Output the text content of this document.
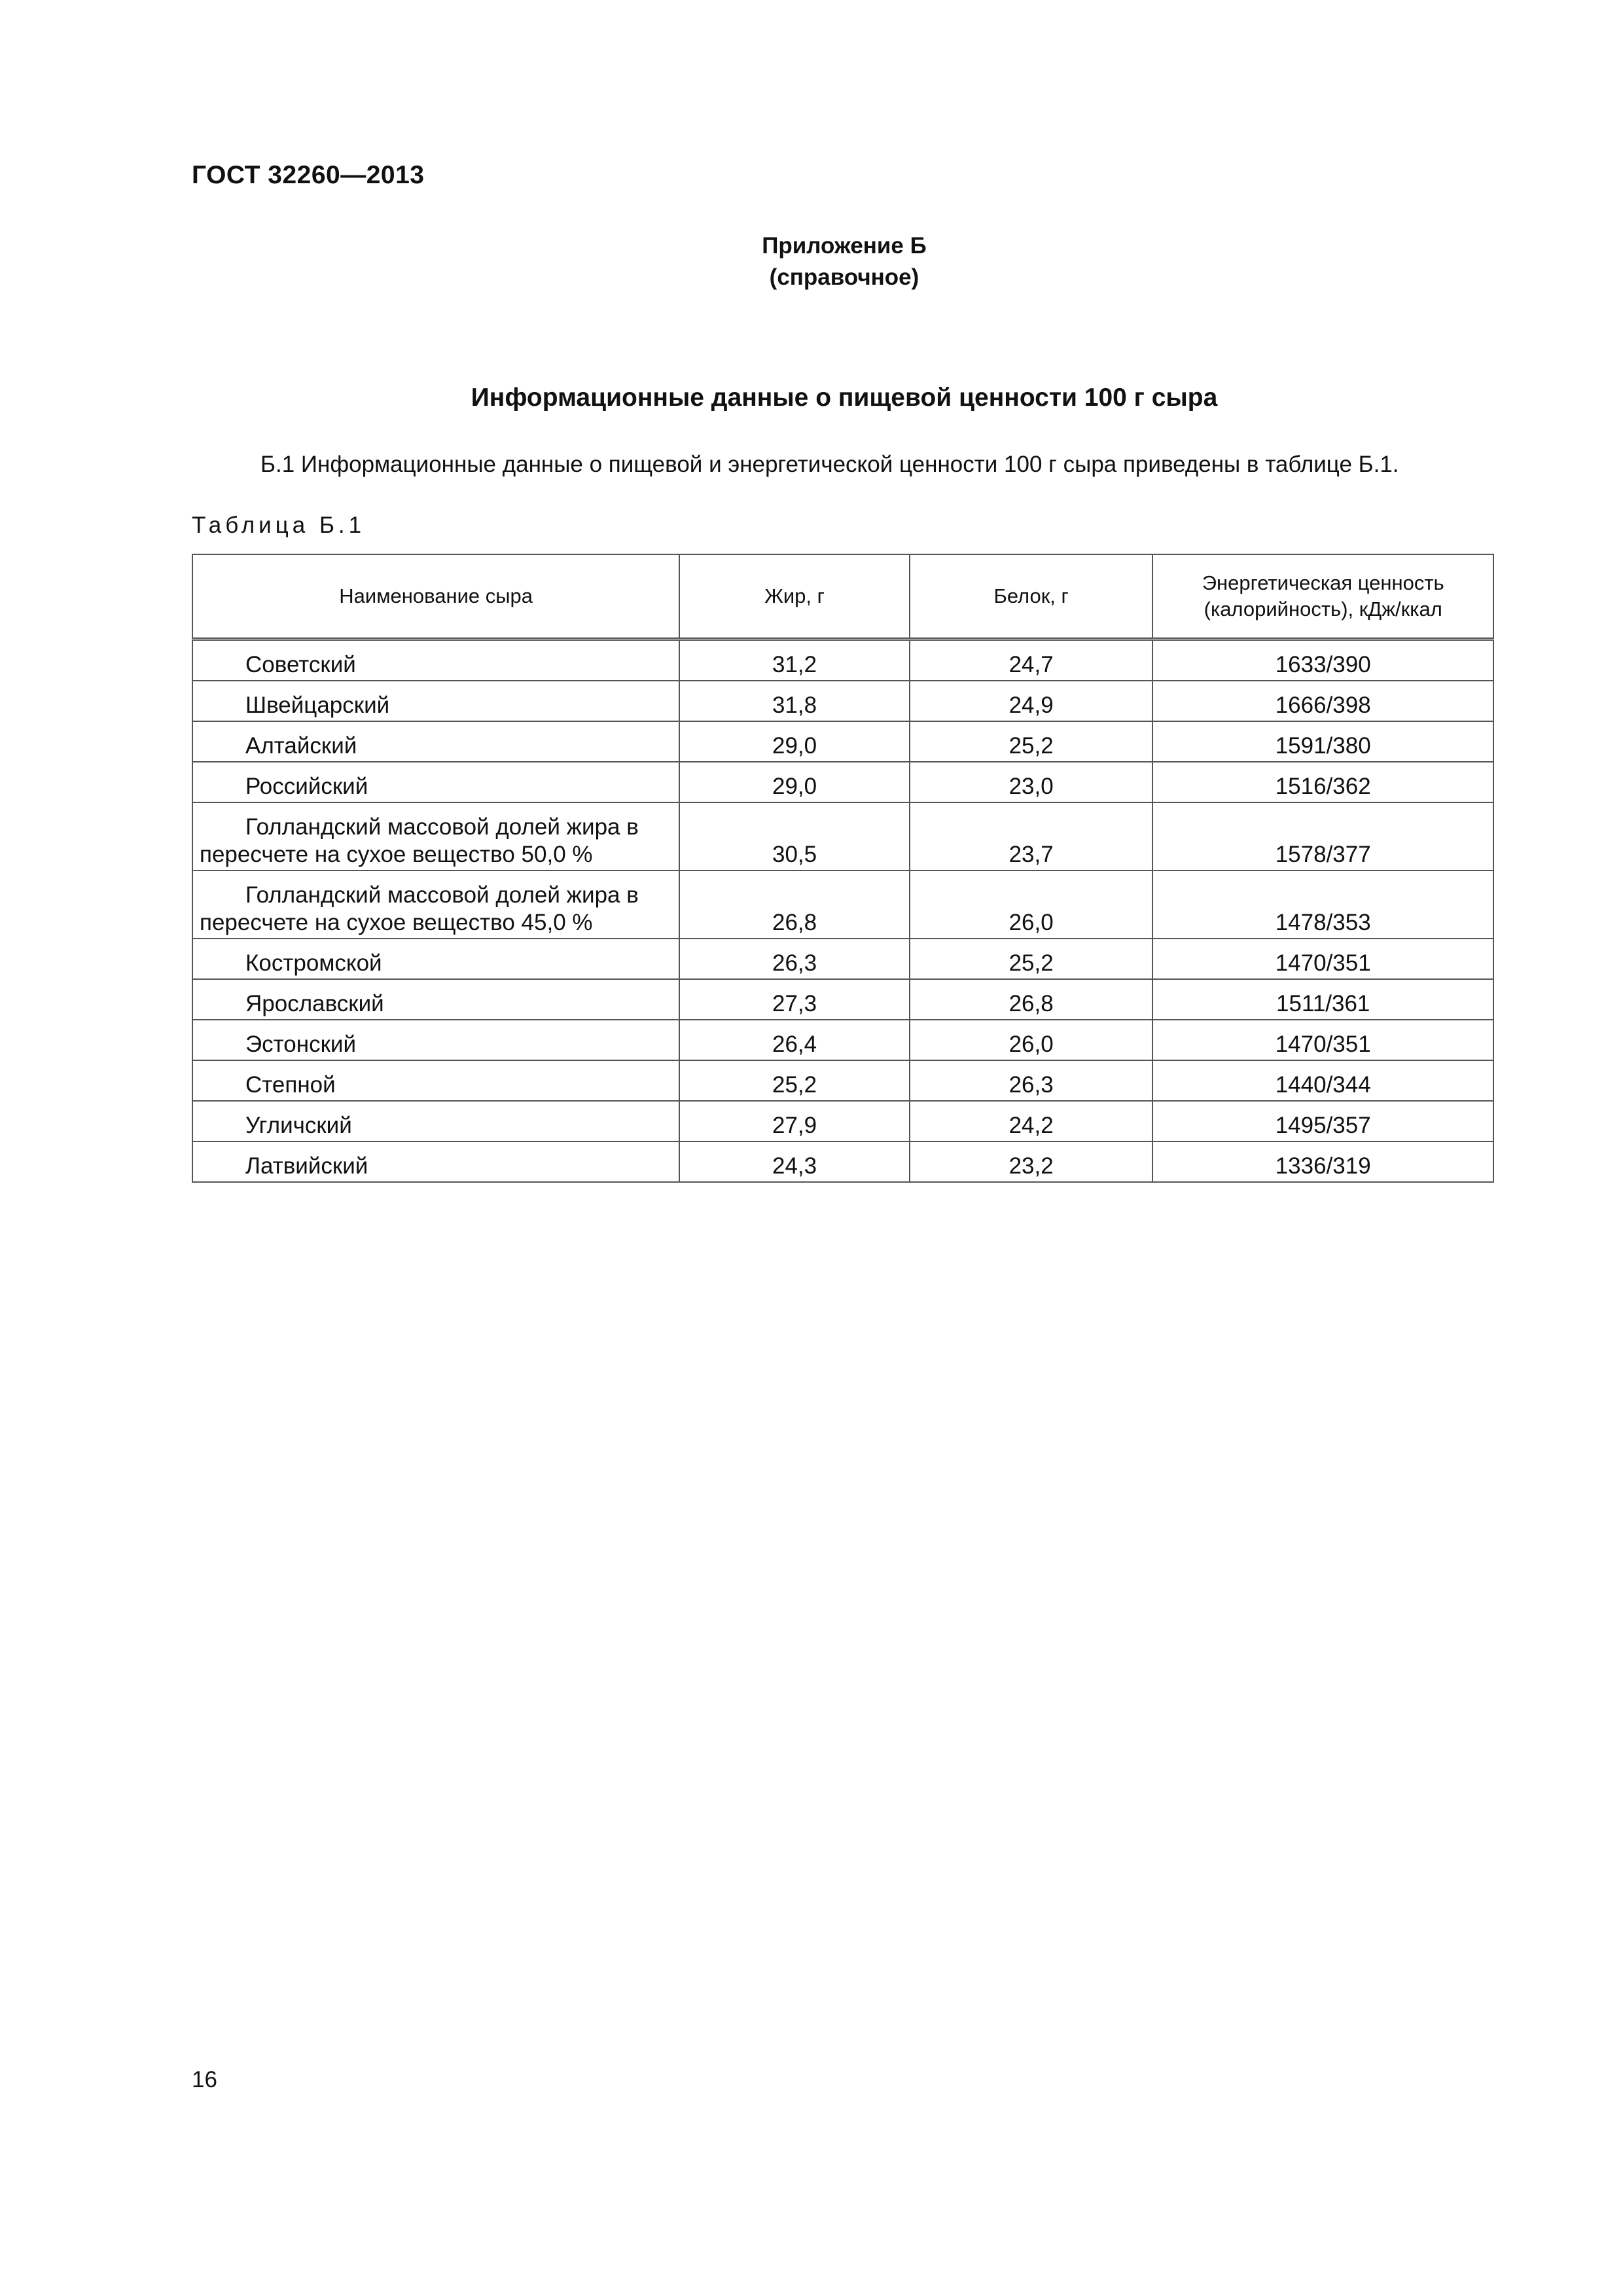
ГОСТ 32260—2013
Приложение Б
(справочное)
Информационные данные о пищевой ценности 100 г сыра
Б.1 Информационные данные о пищевой и энергетической ценности 100 г сыра приведены в таблице Б.1.
Таблица Б.1
Наименование сыра	Жир, г	Белок, г	Энергетическая ценность (калорийность), кДж/ккал
Советский	31,2	24,7	1633/390
Швейцарский	31,8	24,9	1666/398
Алтайский	29,0	25,2	1591/380
Российский	29,0	23,0	1516/362
Голландский массовой долей жира в пересчете на сухое вещество 50,0 %	30,5	23,7	1578/377
Голландский массовой долей жира в пересчете на сухое вещество 45,0 %	26,8	26,0	1478/353
Костромской	26,3	25,2	1470/351
Ярославский	27,3	26,8	1511/361
Эстонский	26,4	26,0	1470/351
Степной	25,2	26,3	1440/344
Угличский	27,9	24,2	1495/357
Латвийский	24,3	23,2	1336/319
16
